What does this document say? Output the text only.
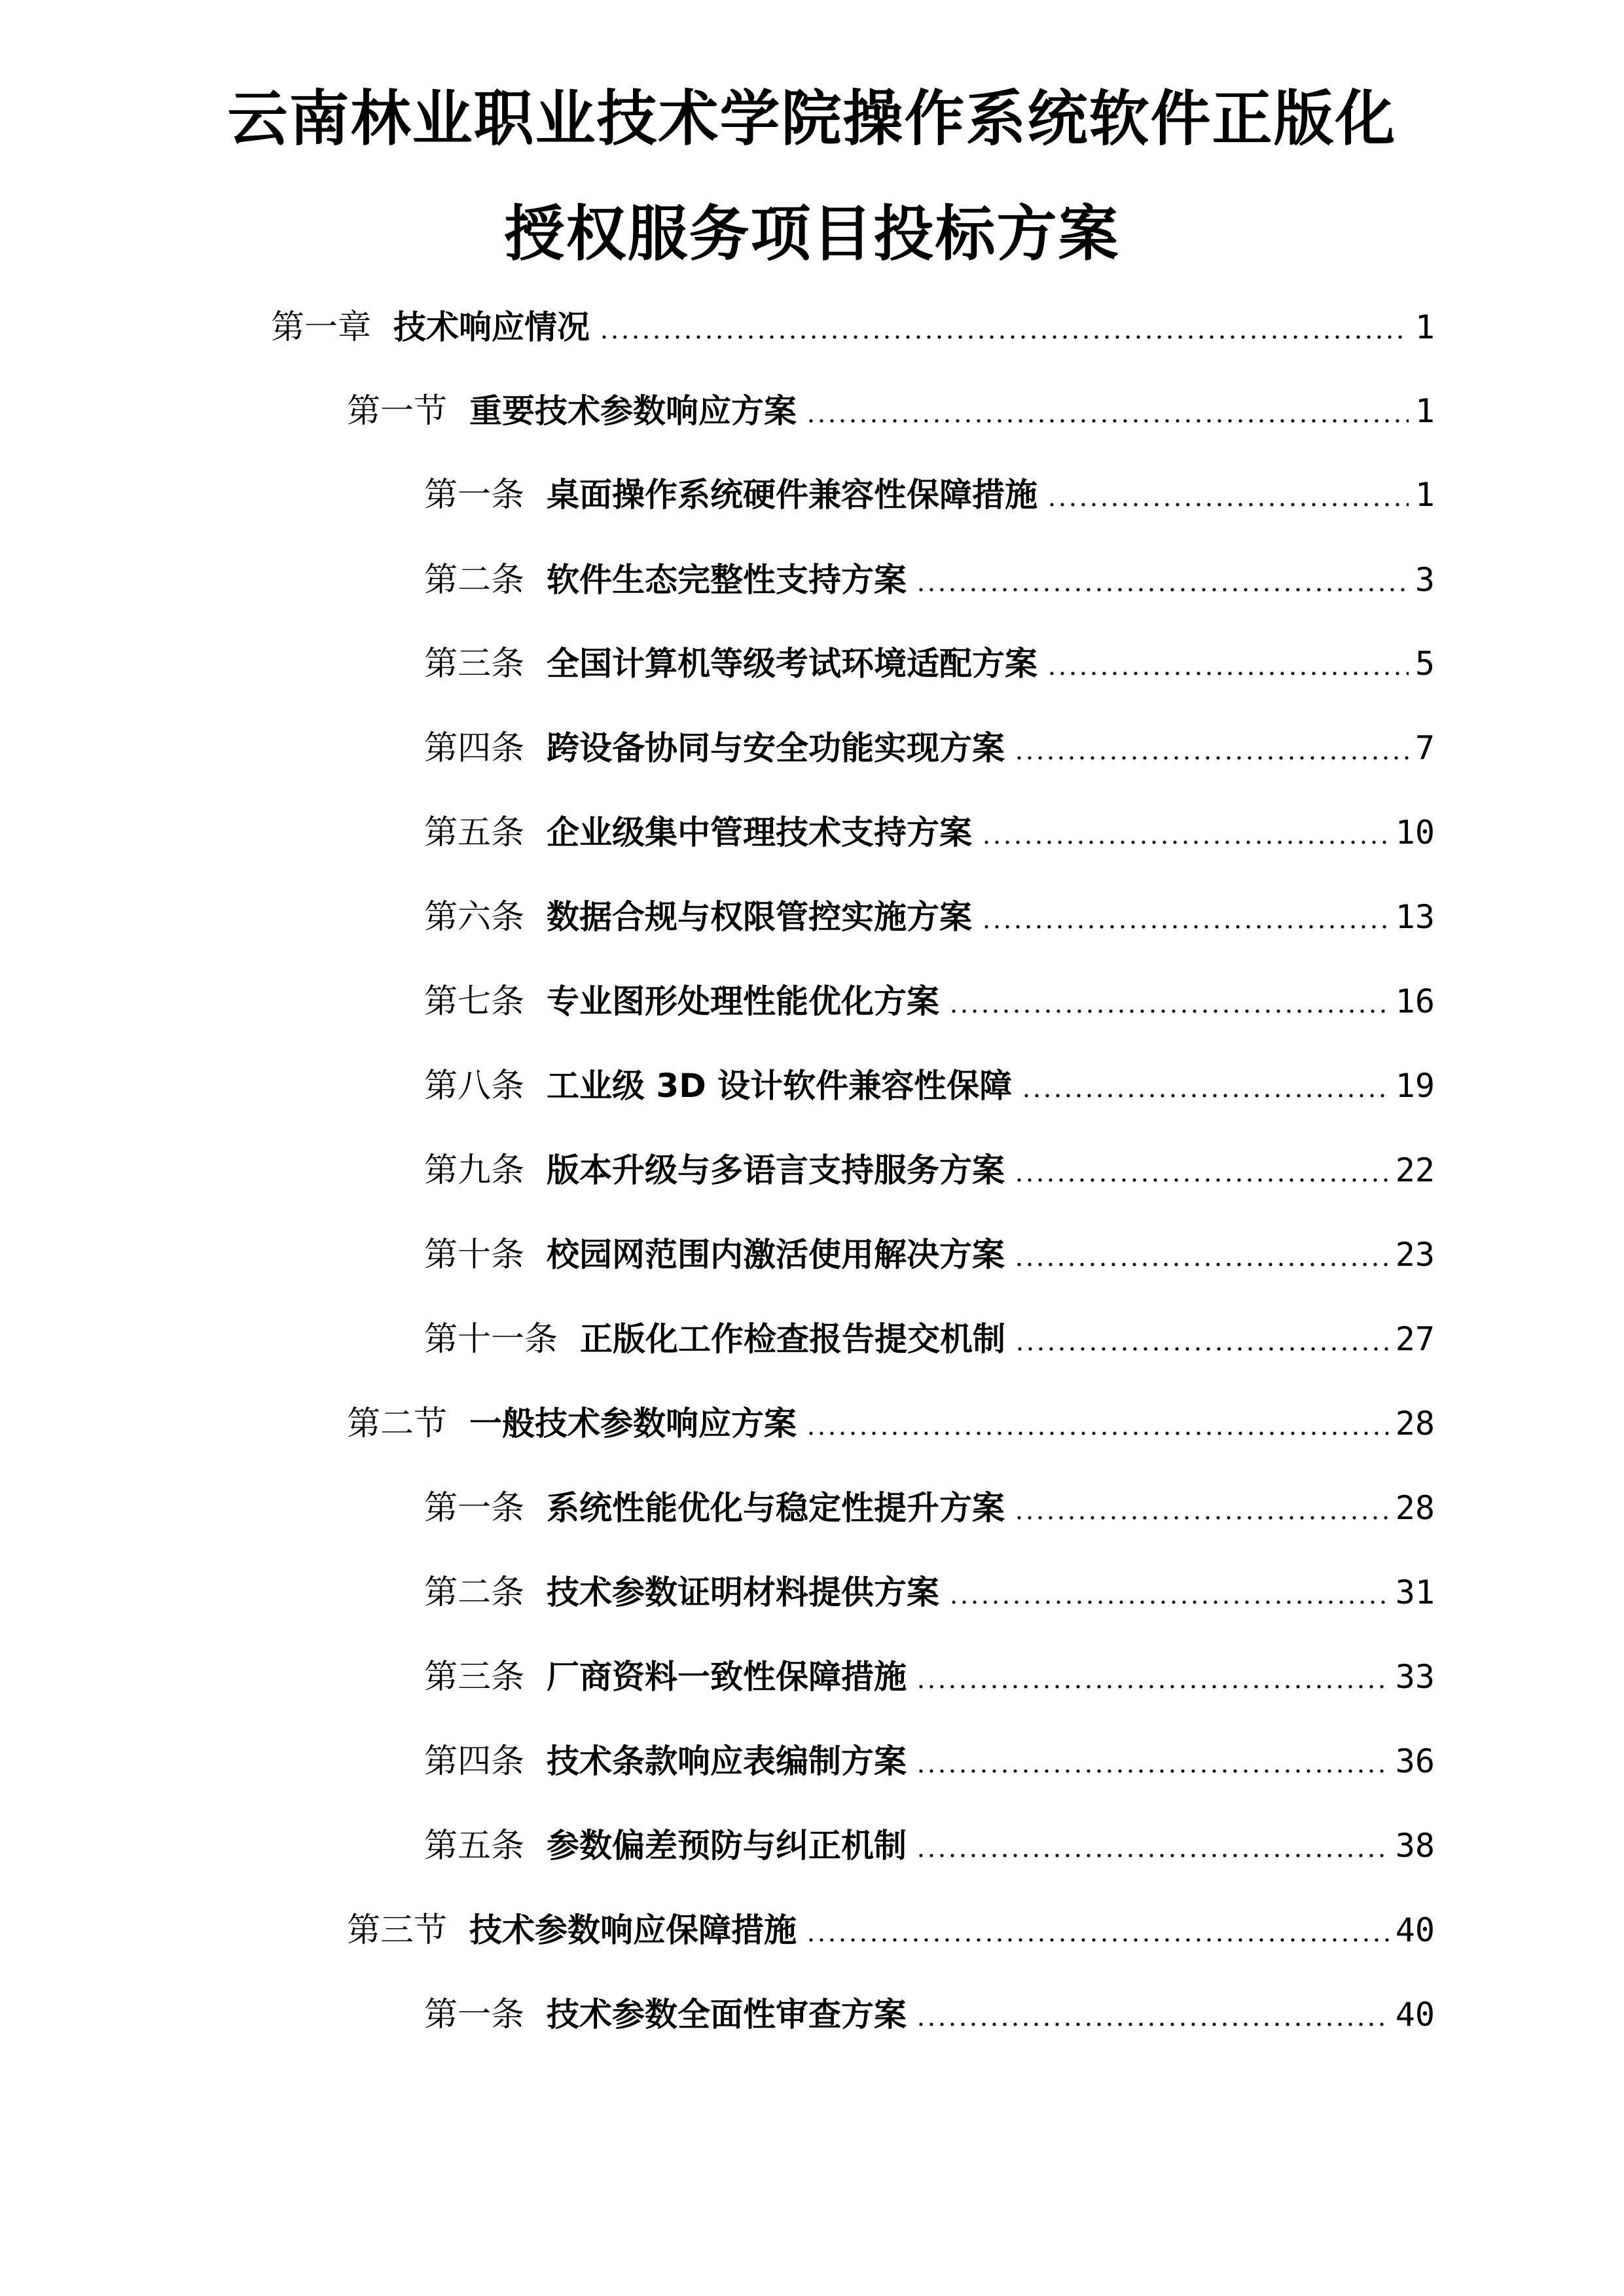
云南林业职业技术学院操作系统软件正版化
授权服务项目投标方案
第一章 技术响应情况	1
第一节 重要技术参数响应方案	1
第一条 桌面操作系统硬件兼容性保障措施	1
第二条 软件生态完整性支持方案	3
第三条 全国计算机等级考试环境适配方案	5
第四条 跨设备协同与安全功能实现方案	7
第五条 企业级集中管理技术支持方案	10
第六条 数据合规与权限管控实施方案	13
第七条 专业图形处理性能优化方案	16
第八条 工业级 3D 设计软件兼容性保障	19
第九条 版本升级与多语言支持服务方案	22
第十条 校园网范围内激活使用解决方案	23
第十一条 正版化工作检查报告提交机制	27
第二节 一般技术参数响应方案	28
第一条 系统性能优化与稳定性提升方案	28
第二条 技术参数证明材料提供方案	31
第三条 厂商资料一致性保障措施	33
第四条 技术条款响应表编制方案	36
第五条 参数偏差预防与纠正机制	38
第三节 技术参数响应保障措施	40
第一条 技术参数全面性审查方案	40
